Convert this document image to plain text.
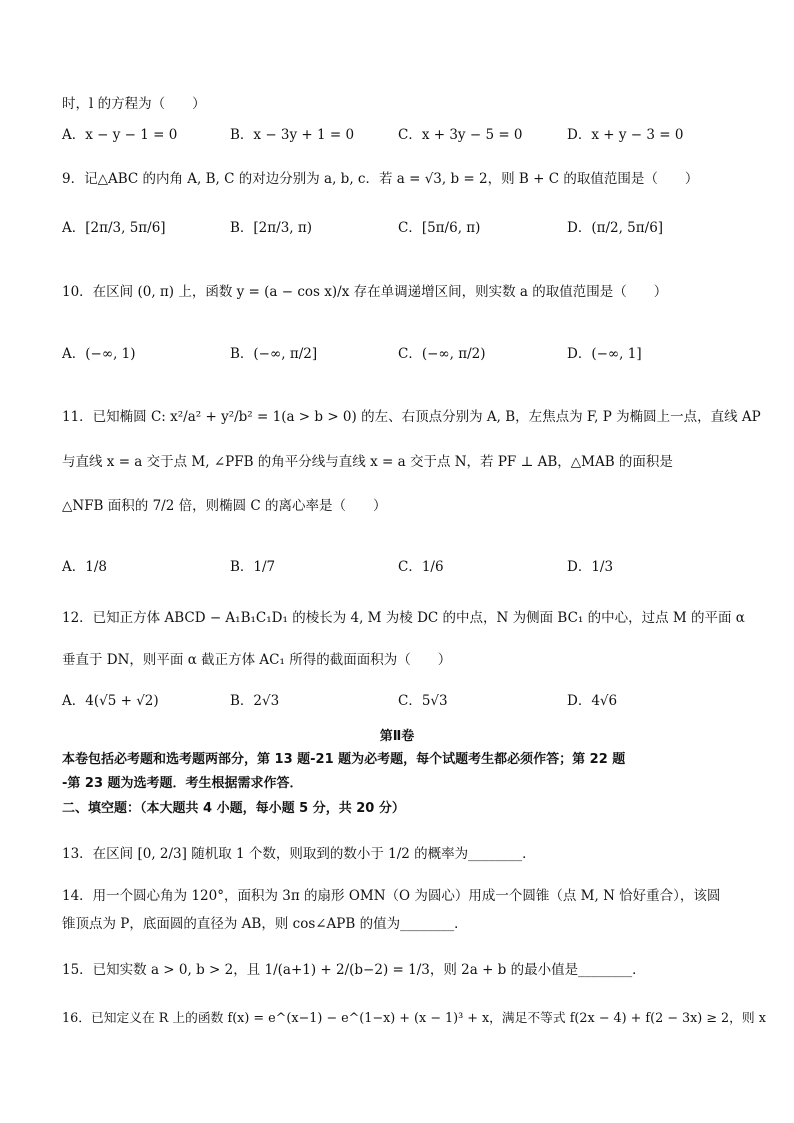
时，l 的方程为（　　）
A．x − y − 1 = 0	B．x − 3y + 1 = 0	C．x + 3y − 5 = 0	D．x + y − 3 = 0
9．记△ABC 的内角 A, B, C 的对边分别为 a, b, c．若 a = √3, b = 2，则 B + C 的取值范围是（　　）
A．[2π/3, 5π/6]	B．[2π/3, π)	C．[5π/6, π)	D．(π/2, 5π/6]
10．在区间 (0, π) 上，函数 y = (a − cos x)/x 存在单调递增区间，则实数 a 的取值范围是（　　）
A．(−∞, 1)	B．(−∞, π/2]	C．(−∞, π/2)	D．(−∞, 1]
11．已知椭圆 C: x²/a² + y²/b² = 1(a > b > 0) 的左、右顶点分别为 A, B，左焦点为 F, P 为椭圆上一点，直线 AP
与直线 x = a 交于点 M, ∠PFB 的角平分线与直线 x = a 交于点 N，若 PF ⊥ AB，△MAB 的面积是
△NFB 面积的 7/2 倍，则椭圆 C 的离心率是（　　）
A．1/8	B．1/7	C．1/6	D．1/3
12．已知正方体 ABCD − A₁B₁C₁D₁ 的棱长为 4, M 为棱 DC 的中点，N 为侧面 BC₁ 的中心，过点 M 的平面 α
垂直于 DN，则平面 α 截正方体 AC₁ 所得的截面面积为（　　）
A．4(√5 + √2)	B．2√3	C．5√3	D．4√6
第Ⅱ卷
本卷包括必考题和选考题两部分，第 13 题-21 题为必考题，每个试题考生都必须作答；第 22 题
-第 23 题为选考题．考生根据需求作答．
二、填空题：（本大题共 4 小题，每小题 5 分，共 20 分）
13．在区间 [0, 2/3] 随机取 1 个数，则取到的数小于 1/2 的概率为________．
14．用一个圆心角为 120°，面积为 3π 的扇形 OMN（O 为圆心）用成一个圆锥（点 M, N 恰好重合），该圆
锥顶点为 P，底面圆的直径为 AB，则 cos∠APB 的值为________．
15．已知实数 a > 0, b > 2，且 1/(a+1) + 2/(b−2) = 1/3，则 2a + b 的最小值是________．
16．已知定义在 R 上的函数 f(x) = e^(x−1) − e^(1−x) + (x − 1)³ + x，满足不等式 f(2x − 4) + f(2 − 3x) ≥ 2，则 x
